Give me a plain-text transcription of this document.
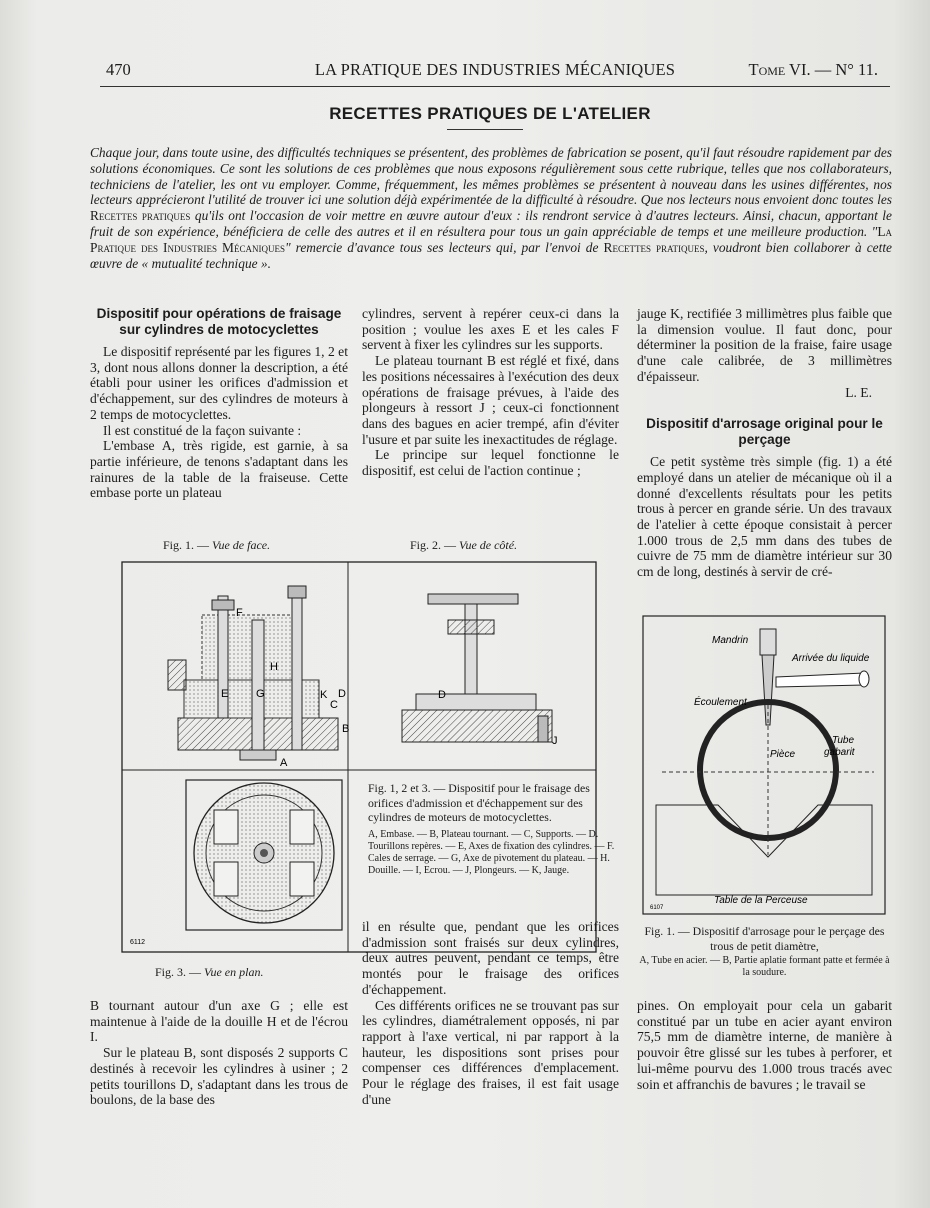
470	LA PRATIQUE DES INDUSTRIES MÉCANIQUES	Tome VI. — N° 11.
RECETTES PRATIQUES DE L'ATELIER

Chaque jour, dans toute usine, des difficultés techniques se présentent, des problèmes de fabrication se posent, qu'il faut résoudre rapidement par des solutions économiques. Ce sont les solutions de ces problèmes que nous exposons régulièrement sous cette rubrique, telles que nos collaborateurs, techniciens de l'atelier, les ont vu employer. Comme, fréquemment, les mêmes problèmes se présentent à nouveau dans les usines différentes, nos lecteurs apprécieront l'utilité de trouver ici une solution déjà expérimentée de la difficulté à résoudre. Que nos lecteurs nous envoient donc toutes les Recettes pratiques qu'ils ont l'occasion de voir mettre en œuvre autour d'eux : ils rendront service à d'autres lecteurs. Ainsi, chacun, apportant le fruit de son expérience, bénéficiera de celle des autres et il en résultera pour tous un gain appréciable de temps et une meilleure production. "La Pratique des Industries Mécaniques" remercie d'avance tous ses lecteurs qui, par l'envoi de Recettes pratiques, voudront bien collaborer à cette œuvre de « mutualité technique ».

Dispositif pour opérations de fraisage sur cylindres de motocyclettes

Le dispositif représenté par les figures 1, 2 et 3, dont nous allons donner la description, a été établi pour usiner les orifices d'admission et d'échappement, sur des cylindres de moteurs à 2 temps de motocyclettes.

Il est constitué de la façon suivante :

L'embase A, très rigide, est garnie, à sa partie inférieure, de tenons s'adaptant dans les rainures de la table de la fraiseuse. Cette embase porte un plateau

cylindres, servent à repérer ceux-ci dans la position ; voulue les axes E et les cales F servent à fixer les cylindres sur les supports.

Le plateau tournant B est réglé et fixé, dans les positions nécessaires à l'exécution des deux opérations de fraisage prévues, à l'aide des plongeurs à ressort J ; ceux-ci fonctionnent dans des bagues en acier trempé, afin d'éviter l'usure et par suite les inexactitudes de réglage.

Le principe sur lequel fonctionne le dispositif, est celui de l'action continue ;

jauge K, rectifiée 3 millimètres plus faible que la dimension voulue. Il faut donc, pour déterminer la position de la fraise, faire usage d'une cale calibrée, de 3 millimètres d'épaisseur.

L. E.

Dispositif d'arrosage original pour le perçage

Ce petit système très simple (fig. 1) a été employé dans un atelier de mécanique où il a donné d'excellents résultats pour les petits trous à percer en grande série. Un des travaux de l'atelier à cette époque consistait à percer 1.000 trous de 2,5 mm dans des tubes de cuivre de 75 mm de diamètre intérieur sur 30 cm de long, destinés à servir de cré-

Fig. 1. — Vue de face.	Fig. 2. — Vue de côté.
F
H
E	G	K D
C
B
A
D
J
6112
Fig. 3. — Vue en plan.
Fig. 1, 2 et 3. — Dispositif pour le fraisage des orifices d'admission et d'échappement sur des cylindres de moteurs de motocyclettes.
A, Embase. — B, Plateau tournant. — C, Supports. — D. Tourillons repères. — E, Axes de fixation des cylindres. — F. Cales de serrage. — G, Axe de pivotement du plateau. — H. Douille. — I, Ecrou. — J, Plongeurs. — K, Jauge.
Mandrin
Arrivée du liquide
Écoulement
Tube
gabarit
Pièce
Table de la Perceuse
6107
Fig. 1. — Dispositif d'arrosage pour le perçage des trous de petit diamètre,
A, Tube en acier. — B, Partie aplatie formant patte et fermée à la soudure.

B tournant autour d'un axe G ; elle est maintenue à l'aide de la douille H et de l'écrou I.

Sur le plateau B, sont disposés 2 supports C destinés à recevoir les cylindres à usiner ; 2 petits tourillons D, s'adaptant dans les trous de boulons, de la base des

il en résulte que, pendant que les orifices d'admission sont fraisés sur deux cylindres, deux autres peuvent, pendant ce temps, être montés pour le fraisage des orifices d'échappement.

Ces différents orifices ne se trouvant pas sur les cylindres, diamétralement opposés, ni par rapport à l'axe vertical, ni par rapport à la hauteur, les dispositions sont prises pour compenser ces différences d'emplacement. Pour le réglage des fraises, il est fait usage d'une

pines. On employait pour cela un gabarit constitué par un tube en acier ayant environ 75,5 mm de diamètre interne, de manière à pouvoir être glissé sur les tubes à perforer, et lui-même pourvu des 1.000 trous tracés avec soin et affranchis de bavures ; le travail se
